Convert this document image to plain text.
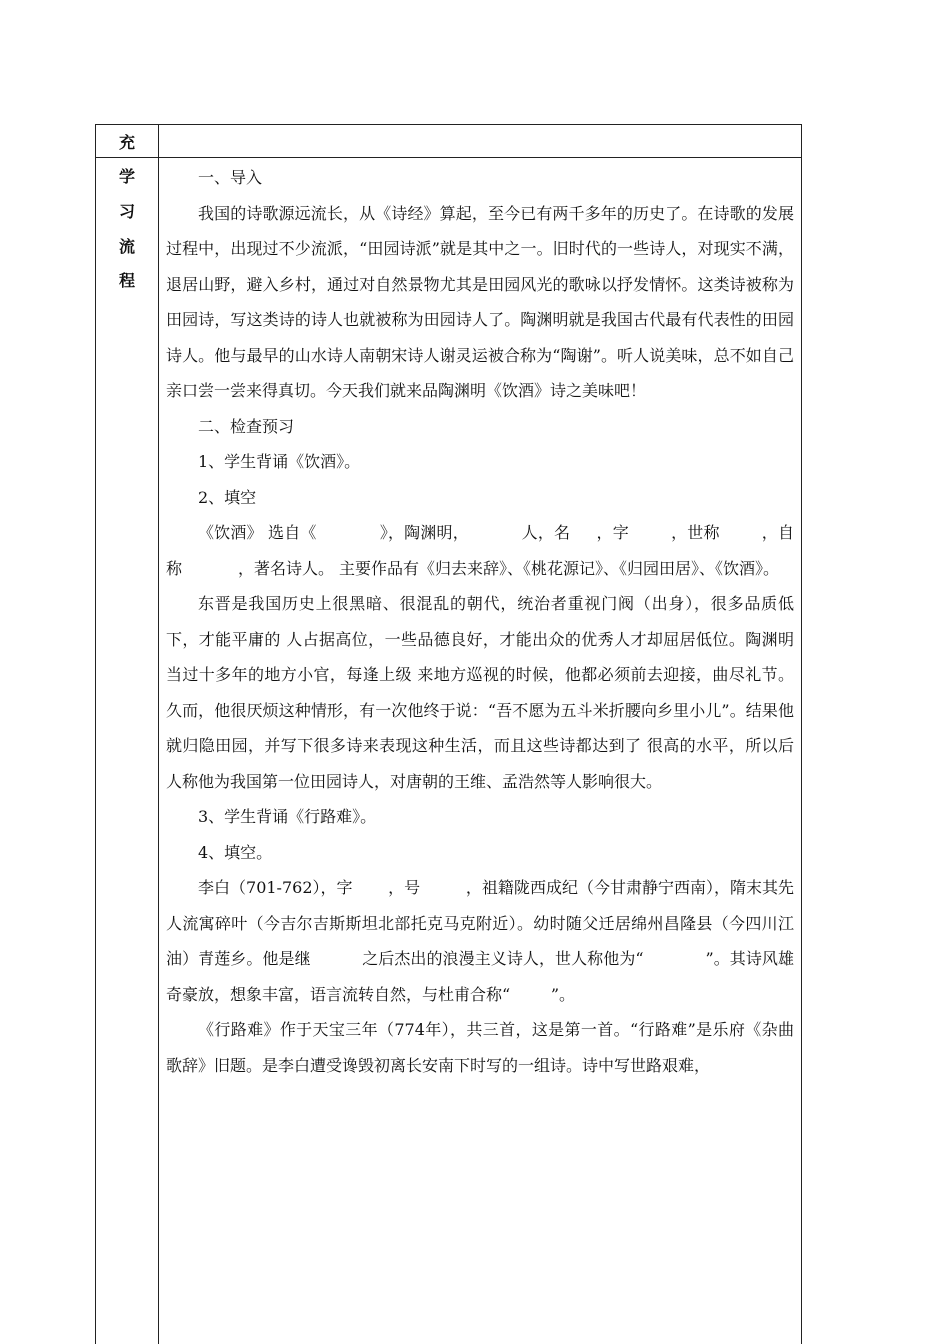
充
学
习
流
程

一、导入

我国的诗歌源远流长，从《诗经》算起，至今已有两千多年的历史了。在诗歌的发展过程中，出现过不少流派，“田园诗派”就是其中之一。旧时代的一些诗人，对现实不满，退居山野，避入乡村，通过对自然景物尤其是田园风光的歌咏以抒发情怀。这类诗被称为田园诗，写这类诗的诗人也就被称为田园诗人了。陶渊明就是我国古代最有代表性的田园诗人。他与最早的山水诗人南朝宋诗人谢灵运被合称为“陶谢”。听人说美味，总不如自己亲口尝一尝来得真切。今天我们就来品陶渊明《饮酒》诗之美味吧！

二、检查预习

1、学生背诵《饮酒》。

2、填空

《饮酒》 选自《            》，陶渊明，          人，名     ，字        ，世称        ，自称           ，著名诗人。 主要作品有《归去来辞》、《桃花源记》、《归园田居》、《饮酒》。

东晋是我国历史上很黑暗、很混乱的朝代，统治者重视门阀（出身），很多品质低下，才能平庸的 人占据高位，一些品德良好，才能出众的优秀人才却屈居低位。陶渊明当过十多年的地方小官，每逢上级 来地方巡视的时候，他都必须前去迎接，曲尽礼节。久而，他很厌烦这种情形，有一次他终于说：“吾不愿为五斗米折腰向乡里小儿”。结果他就归隐田园，并写下很多诗来表现这种生活，而且这些诗都达到了 很高的水平，所以后人称他为我国第一位田园诗人，对唐朝的王维、孟浩然等人影响很大。

3、学生背诵《行路难》。

4、填空。

李白（701-762），字       ，号         ，祖籍陇西成纪（今甘肃静宁西南），隋末其先人流寓碎叶（今吉尔吉斯斯坦北部托克马克附近）。幼时随父迁居绵州昌隆县（今四川江油）青莲乡。他是继          之后杰出的浪漫主义诗人，世人称他为“            ”。其诗风雄奇豪放，想象丰富，语言流转自然，与杜甫合称“        ”。

《行路难》作于天宝三年（774年），共三首，这是第一首。“行路难”是乐府《杂曲歌辞》旧题。是李白遭受谗毁初离长安南下时写的一组诗。诗中写世路艰难，
